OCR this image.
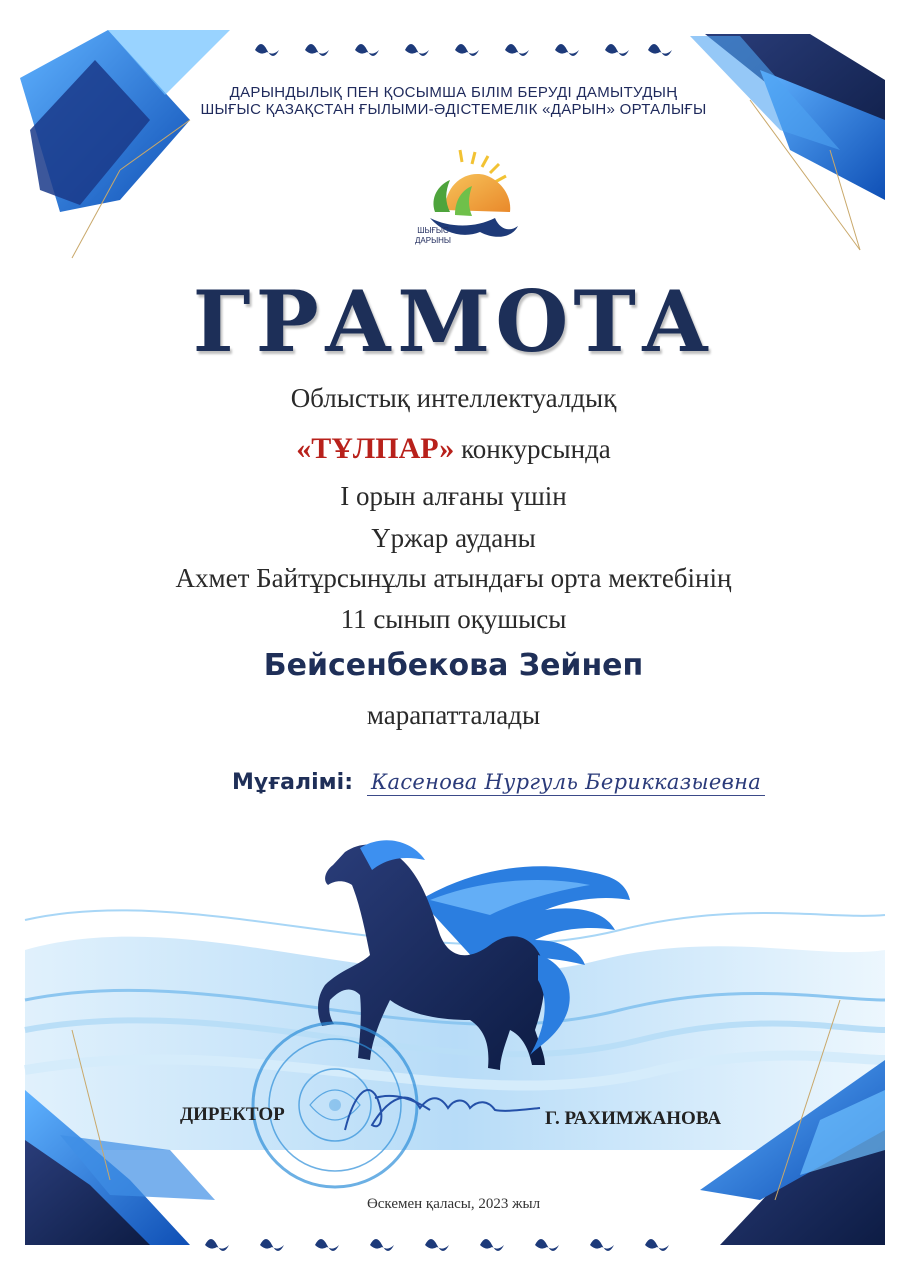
ДАРЫНДЫЛЫҚ ПЕН ҚОСЫМША БІЛІМ БЕРУДІ ДАМЫТУДЫҢ
ШЫҒЫС ҚАЗАҚСТАН ҒЫЛЫМИ-ӘДІСТЕМЕЛІК «ДАРЫН» ОРТАЛЫҒЫ
ШЫҒЫС
ДАРЫНЫ
ГРАМОТА
Облыстық интеллектуалдық
«ТҰЛПАР» конкурсында
I орын алғаны үшін
Үржар ауданы
Ахмет Байтұрсынұлы атындағы орта мектебінің
11 сынып оқушысы
Бейсенбекова Зейнеп
марапатталады
Мұғалімі: Касенова Нургуль Берикказыевна
ДИРЕКТОР	Г. РАХИМЖАНОВА
Өскемен қаласы, 2023 жыл
